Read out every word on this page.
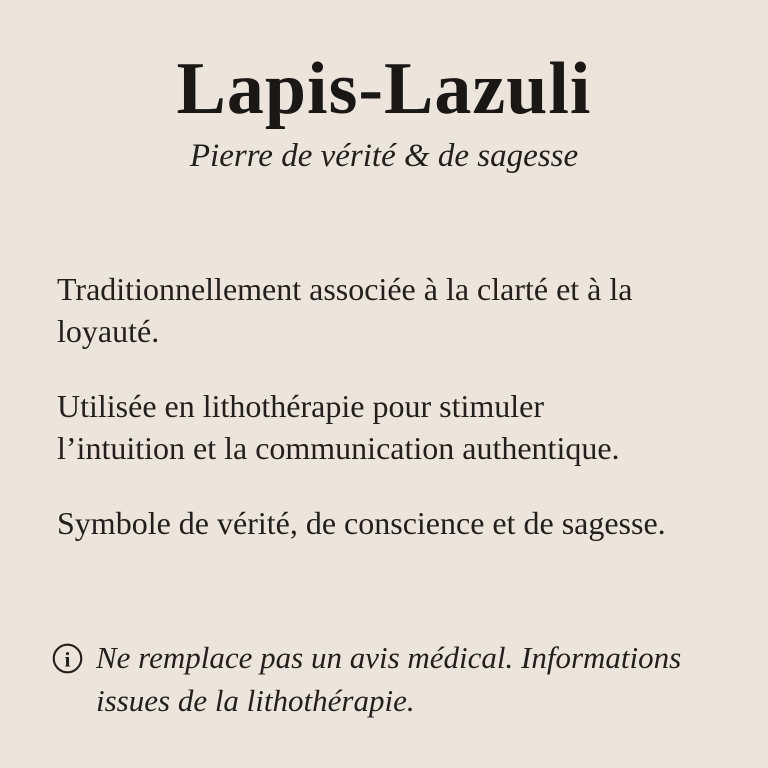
Lapis-Lazuli

Pierre de vérité & de sagesse

Traditionnellement associée à la clarté et à la
loyauté.

Utilisée en lithothérapie pour stimuler
l’intuition et la communication authentique.

Symbole de vérité, de conscience et de sagesse.

i Ne remplace pas un avis médical. Informations
issues de la lithothérapie.
